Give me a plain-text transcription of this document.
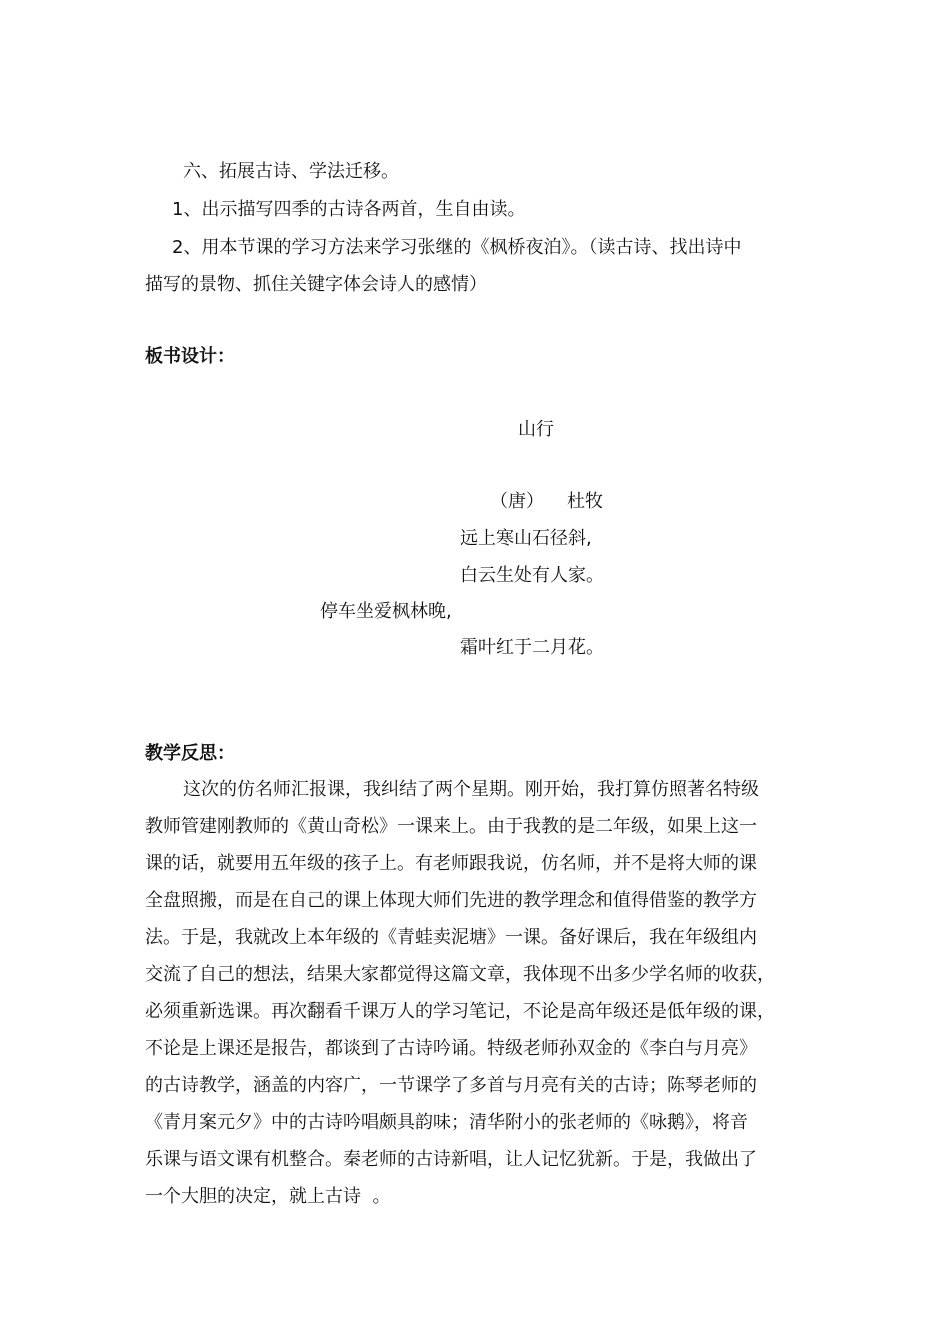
六、拓展古诗、学法迁移。
1、出示描写四季的古诗各两首，生自由读。
2、用本节课的学习方法来学习张继的《枫桥夜泊》。（读古诗、找出诗中
描写的景物、抓住关键字体会诗人的感情）
板书设计：
山行
（唐） 杜牧
远上寒山石径斜,
白云生处有人家。
停车坐爱枫林晚,
霜叶红于二月花。
教学反思：
这次的仿名师汇报课，我纠结了两个星期。刚开始，我打算仿照著名特级
教师管建刚教师的《黄山奇松》一课来上。由于我教的是二年级，如果上这一
课的话，就要用五年级的孩子上。有老师跟我说，仿名师，并不是将大师的课
全盘照搬，而是在自己的课上体现大师们先进的教学理念和值得借鉴的教学方
法。于是，我就改上本年级的《青蛙卖泥塘》一课。备好课后，我在年级组内
交流了自己的想法，结果大家都觉得这篇文章，我体现不出多少学名师的收获，
必须重新选课。再次翻看千课万人的学习笔记，不论是高年级还是低年级的课，
不论是上课还是报告，都谈到了古诗吟诵。特级老师孙双金的《李白与月亮》
的古诗教学，涵盖的内容广，一节课学了多首与月亮有关的古诗；陈琴老师的
《青月案元夕》中的古诗吟唱颇具韵味；清华附小的张老师的《咏鹅》，将音
乐课与语文课有机整合。秦老师的古诗新唱，让人记忆犹新。于是，我做出了
一个大胆的决定，就上古诗  。
